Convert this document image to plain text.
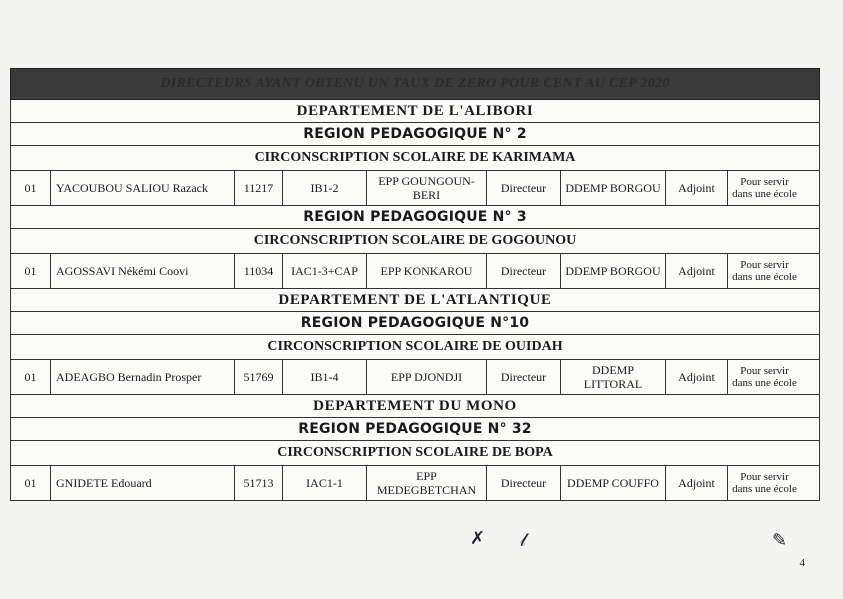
DIRECTEURS AYANT OBTENU UN TAUX DE ZERO POUR CENT AU CEP 2020
DEPARTEMENT DE L'ALIBORI
REGION PEDAGOGIQUE N° 2
CIRCONSCRIPTION SCOLAIRE DE KARIMAMA
01	YACOUBOU SALIOU Razack	11217	IB1-2	EPP GOUNGOUN-BERI	Directeur	DDEMP BORGOU	Adjoint	Pour servir dans une école
REGION PEDAGOGIQUE N° 3
CIRCONSCRIPTION SCOLAIRE DE GOGOUNOU
01	AGOSSAVI Nékémi Coovi	11034	IAC1-3+CAP	EPP KONKAROU	Directeur	DDEMP BORGOU	Adjoint	Pour servir dans une école
DEPARTEMENT DE L'ATLANTIQUE
REGION PEDAGOGIQUE N°10
CIRCONSCRIPTION SCOLAIRE DE OUIDAH
01	ADEAGBO Bernadin Prosper	51769	IB1-4	EPP DJONDJI	Directeur	DDEMP LITTORAL	Adjoint	Pour servir dans une école
DEPARTEMENT DU MONO
REGION PEDAGOGIQUE N° 32
CIRCONSCRIPTION SCOLAIRE DE BOPA
01	GNIDETE Edouard	51713	IAC1-1	EPP MEDEGBETCHAN	Directeur	DDEMP COUFFO	Adjoint	Pour servir dans une école
✗ 𝓁	✎
4
